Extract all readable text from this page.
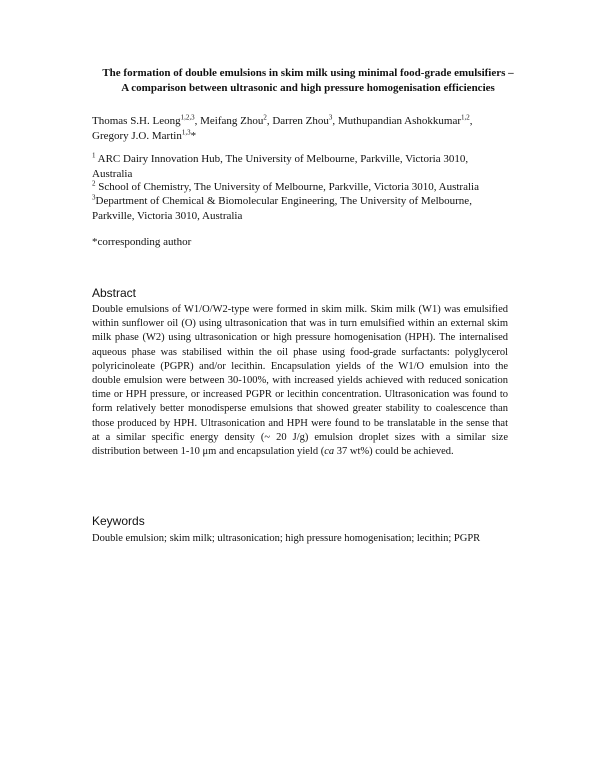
The formation of double emulsions in skim milk using minimal food-grade emulsifiers –
A comparison between ultrasonic and high pressure homogenisation efficiencies
Thomas S.H. Leong$^{1,2,3}$, Meifang Zhou$^2$, Darren Zhou$^3$, Muthupandian Ashokkumar$^{1,2}$,
Gregory J.O. Martin$^{1,3}$*
$^1$ ARC Dairy Innovation Hub, The University of Melbourne, Parkville, Victoria 3010,
Australia
$^2$ School of Chemistry, The University of Melbourne, Parkville, Victoria 3010, Australia
$^3$Department of Chemical & Biomolecular Engineering, The University of Melbourne,
Parkville, Victoria 3010, Australia
*corresponding author
Abstract
Double emulsions of W1/O/W2-type were formed in skim milk. Skim milk (W1) was emulsified within sunflower oil (O) using ultrasonication that was in turn emulsified within an external skim milk phase (W2) using ultrasonication or high pressure homogenisation (HPH). The internalised aqueous phase was stabilised within the oil phase using food-grade surfactants: polyglycerol polyricinoleate (PGPR) and/or lecithin. Encapsulation yields of the W1/O emulsion into the double emulsion were between 30-100%, with increased yields achieved with reduced sonication time or HPH pressure, or increased PGPR or lecithin concentration. Ultrasonication was found to form relatively better monodisperse emulsions that showed greater stability to coalescence than those produced by HPH. Ultrasonication and HPH were found to be translatable in the sense that at a similar specific energy density (~ 20 J/g) emulsion droplet sizes with a similar size distribution between 1-10 μm and encapsulation yield (ca 37 wt%) could be achieved.
Keywords
Double emulsion; skim milk; ultrasonication; high pressure homogenisation; lecithin; PGPR
